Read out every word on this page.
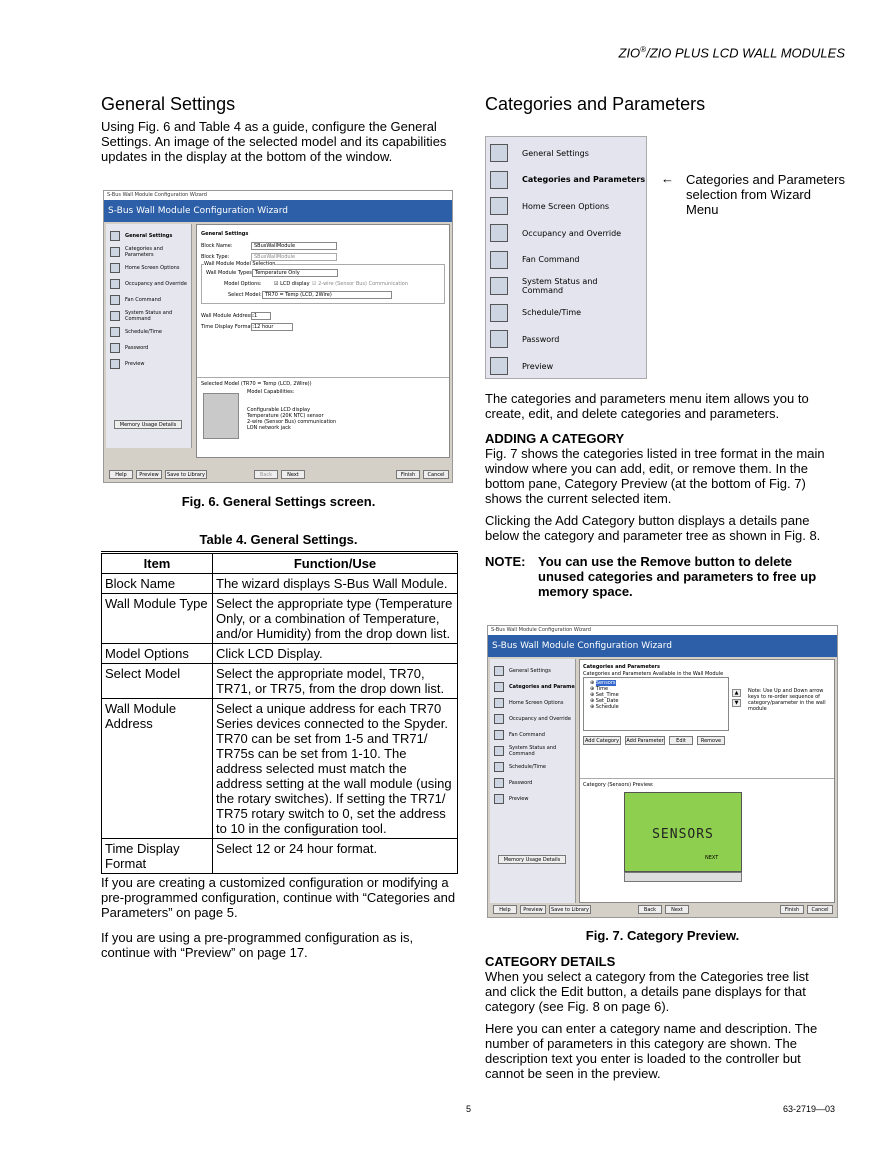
ZIO®/ZIO PLUS LCD WALL MODULES
General Settings

Using Fig. 6 and Table 4 as a guide, configure the General Settings. An image of the selected model and its capabilities updates in the display at the bottom of the window.

S-Bus Wall Module Configuration Wizard
S-Bus Wall Module Configuration Wizard
General Settings
Categories and Parameters
Home Screen Options
Occupancy and Override
Fan Command
System Status and Command
Schedule/Time
Password
Preview
Memory Usage Details
General Settings
Block Name:	SBusWallModule
Block Type:	SBusWallModule
Wall Module Model Selection
Wall Module Types: Temperature Only
Model Options: ☑ LCD display ☑ 2-wire (Sensor Bus) Communication
Select Model: TR70 = Temp (LCD, 2Wire)
Wall Module Address: 1
Time Display Format: 12 hour
Selected Model (TR70 = Temp (LCD, 2Wire))
Model Capabilities:
Configurable LCD display
Temperature (20K NTC) sensor
2-wire (Sensor Bus) communication
LON network jack
Help	Preview	Save to Library	Back	Next	Finish	Cancel
Fig. 6. General Settings screen.
Table 4. General Settings.
Item	Function/Use
Block Name	The wizard displays S-Bus Wall Module.
Wall Module Type	Select the appropriate type (Temperature Only, or a combination of Temperature, and/or Humidity) from the drop down list.
Model Options	Click LCD Display.
Select Model	Select the appropriate model, TR70, TR71, or TR75, from the drop down list.
Wall Module Address	Select a unique address for each TR70 Series devices connected to the Spyder. TR70 can be set from 1-5 and TR71/ TR75s can be set from 1-10. The address selected must match the address setting at the wall module (using the rotary switches). If setting the TR71/ TR75 rotary switch to 0, set the address to 10 in the configuration tool.
Time Display Format	Select 12 or 24 hour format.

If you are creating a customized configuration or modifying a pre-programmed configuration, continue with “Categories and Parameters” on page 5.

If you are using a pre-programmed configuration as is, continue with “Preview” on page 17.

Categories and Parameters
General Settings
Categories and Parameters
Home Screen Options
Occupancy and Override
Fan Command
System Status and Command
Schedule/Time
Password
Preview
← Categories and Parameters selection from Wizard Menu

The categories and parameters menu item allows you to create, edit, and delete categories and parameters.

ADDING A CATEGORY

Fig. 7 shows the categories listed in tree format in the main window where you can add, edit, or remove them. In the bottom pane, Category Preview (at the bottom of Fig. 7) shows the current selected item.

Clicking the Add Category button displays a details pane below the category and parameter tree as shown in Fig. 8.

NOTE: You can use the Remove button to delete unused categories and parameters to free up memory space.

S-Bus Wall Module Configuration Wizard
S-Bus Wall Module Configuration Wizard
General Settings
Categories and Parame
Home Screen Options
Occupancy and Override
Fan Command
System Status and Command
Schedule/Time
Password
Preview
Memory Usage Details
Categories and Parameters
Categories and Parameters Available in the Wall Module
⊕ Sensors
⊕ Time
⊕ Set_Time
⊕ Set_Date
⊕ Schedule
▲
▼
Note: Use Up and Down arrow keys to re-order sequence of category/parameter in the wall module
Add Category	Add Parameter	Edit	Remove
Category (Sensors) Preview:
SENSORS
NEXT
Help	Preview	Save to Library	Back	Next	Finish	Cancel
Fig. 7. Category Preview.
CATEGORY DETAILS

When you select a category from the Categories tree list and click the Edit button, a details pane displays for that category (see Fig. 8 on page 6).

Here you can enter a category name and description. The number of parameters in this category are shown. The description text you enter is loaded to the controller but cannot be seen in the preview.

5	63-2719—03
